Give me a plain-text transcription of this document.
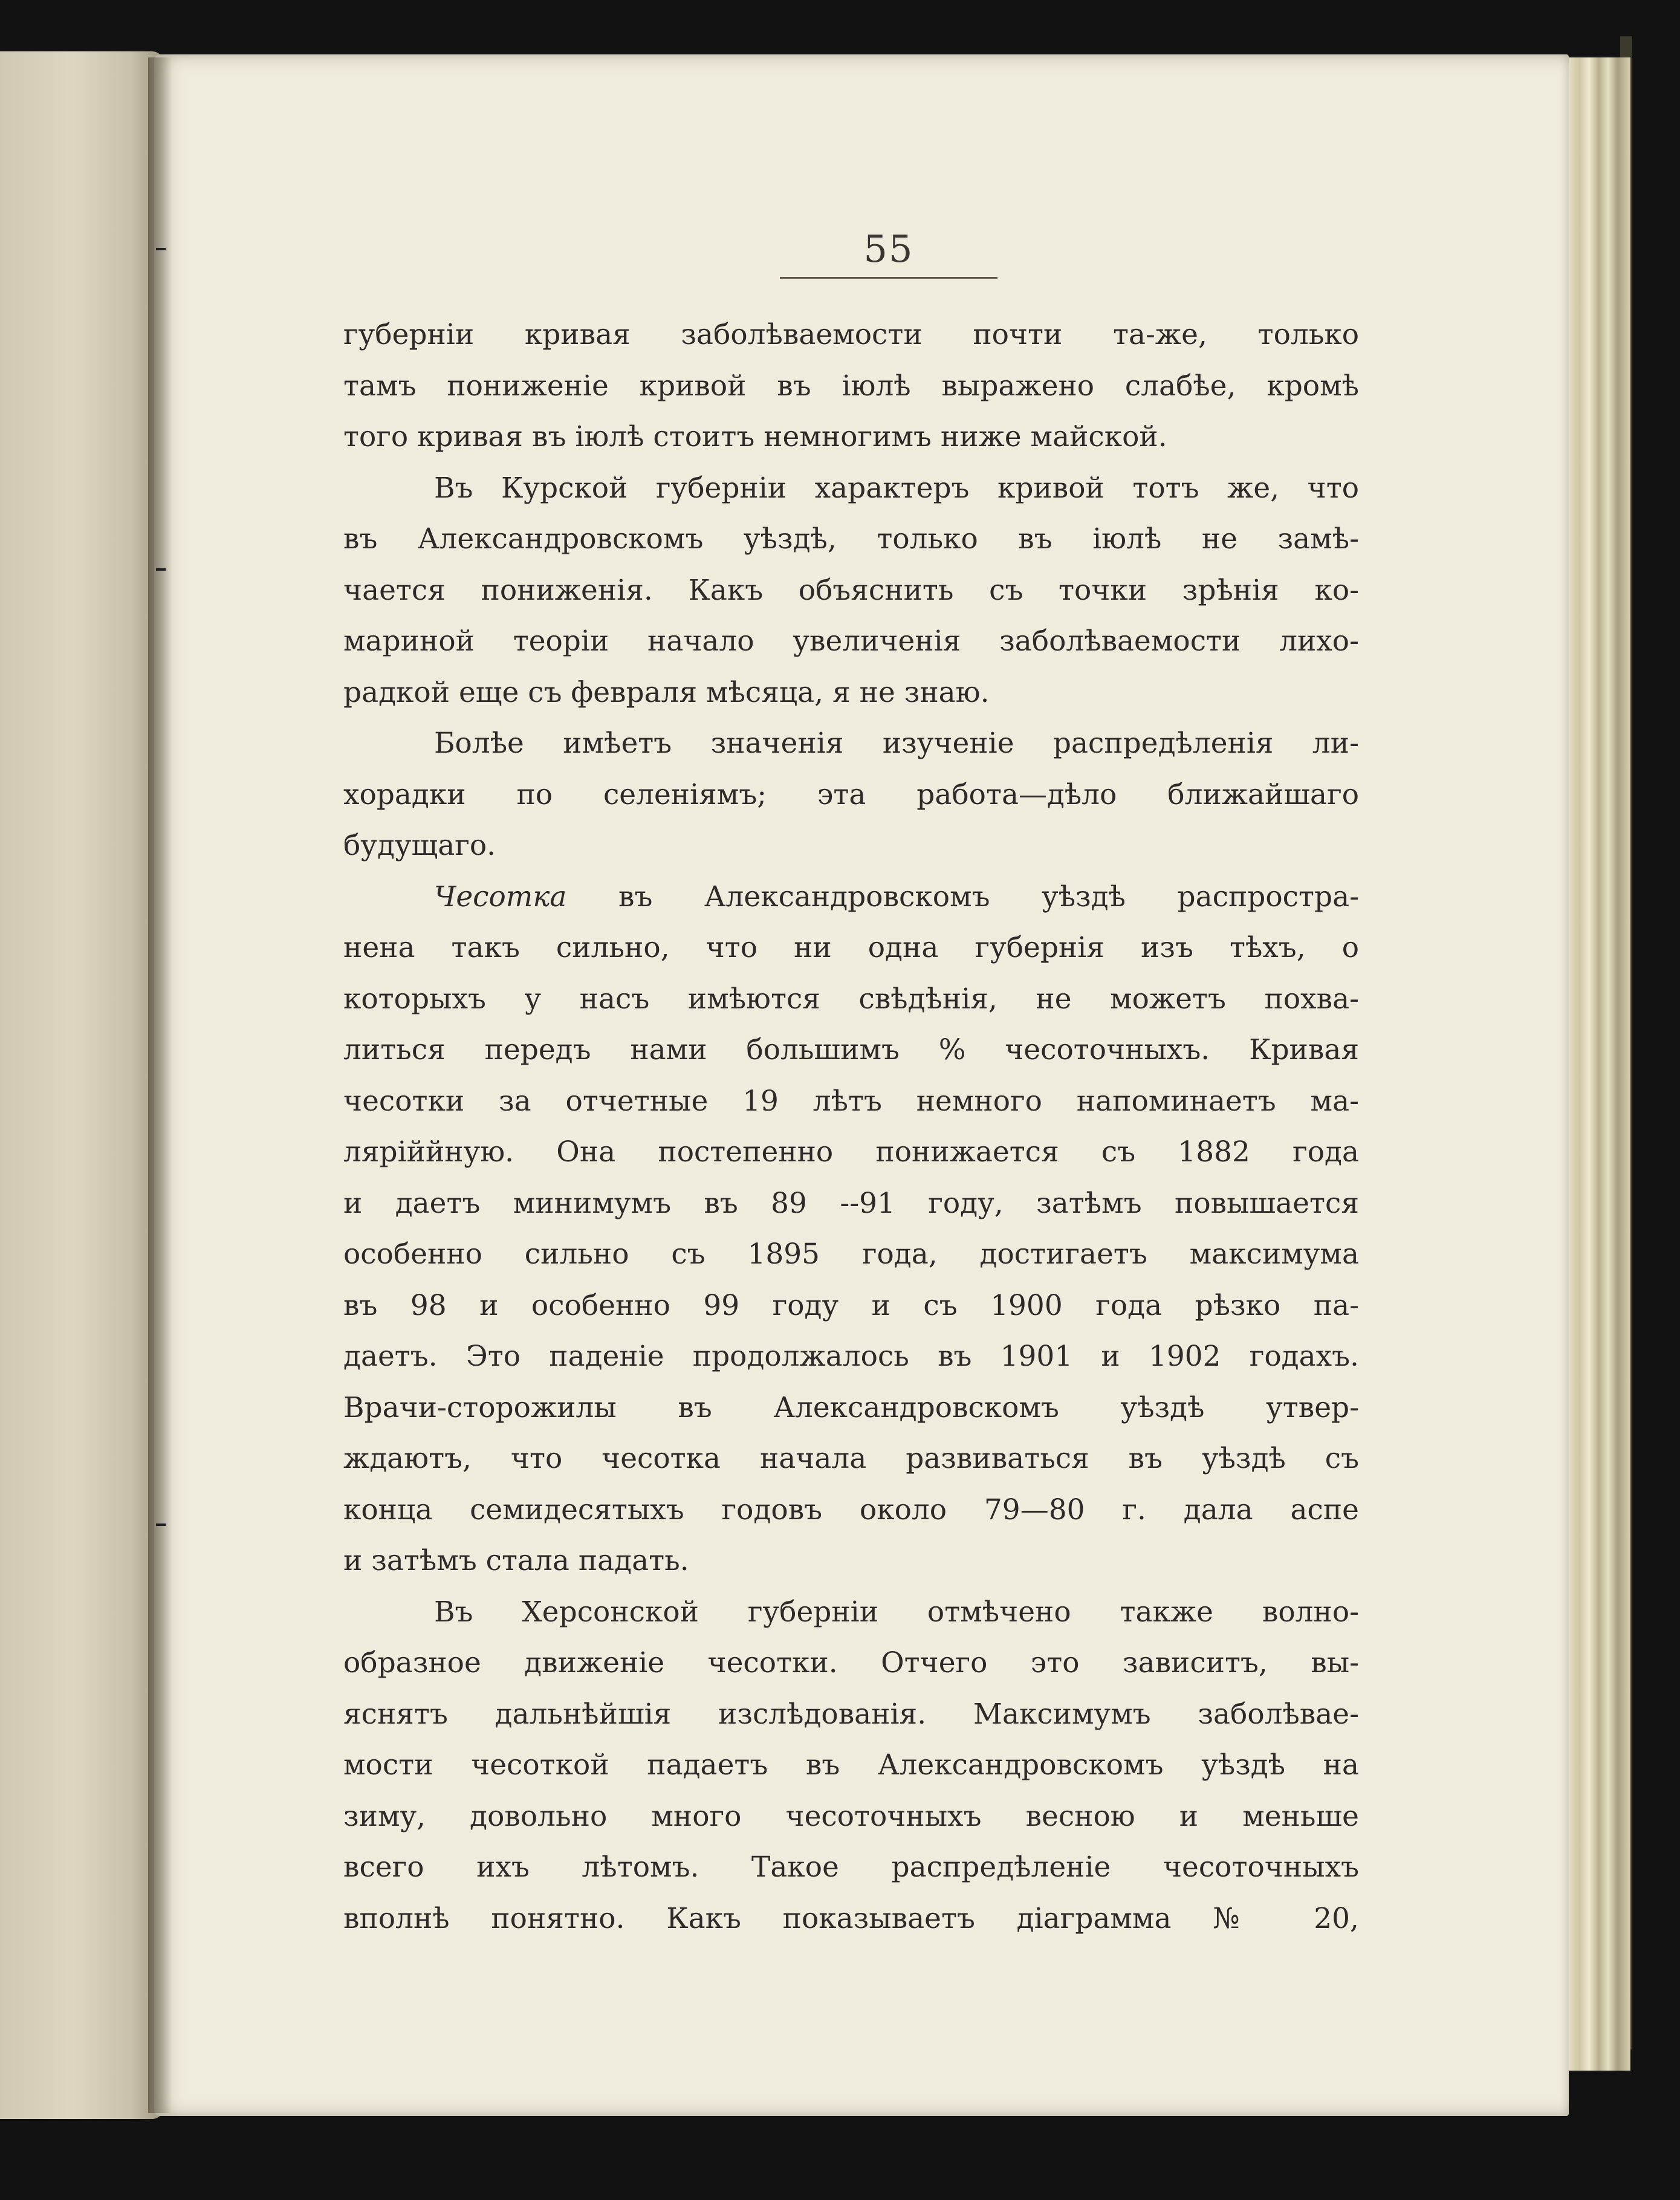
55
губерніи кривая заболѣваемости почти та-же, только
тамъ пониженіе кривой въ іюлѣ выражено слабѣе, кромѣ
того кривая въ іюлѣ стоитъ немногимъ ниже майской.
Въ Курской губерніи характеръ кривой тотъ же, что
въ Александровскомъ уѣздѣ, только въ іюлѣ не замѣ-
чается пониженія. Какъ объяснить съ точки зрѣнія ко-
мариной теоріи начало увеличенія заболѣваемости лихо-
радкой еще съ февраля мѣсяца, я не знаю.
Болѣе имѣетъ значенія изученіе распредѣленія ли-
хорадки по селеніямъ; эта работа—дѣло ближайшаго
будущаго.
Чесотка въ Александровскомъ уѣздѣ распростра-
нена такъ сильно, что ни одна губернія изъ тѣхъ, о
которыхъ у насъ имѣются свѣдѣнія, не можетъ похва-
литься передъ нами большимъ % чесоточныхъ. Кривая
чесотки за отчетные 19 лѣтъ немного напоминаетъ ма-
ляріййную. Она постепенно понижается съ 1882 года
и даетъ минимумъ въ 89 --91 году, затѣмъ повышается
особенно сильно съ 1895 года, достигаетъ максимума
въ 98 и особенно 99 году и съ 1900 года рѣзко па-
даетъ. Это паденіе продолжалось въ 1901 и 1902 годахъ.
Врачи-сторожилы въ Александровскомъ уѣздѣ утвер-
ждаютъ, что чесотка начала развиваться въ уѣздѣ съ
конца семидесятыхъ годовъ около 79—80 г. дала аспе
и затѣмъ стала падать.
Въ Херсонской губерніи отмѣчено также волно-
образное движеніе чесотки. Отчего это зависитъ, вы-
яснятъ дальнѣйшія изслѣдованія. Максимумъ заболѣвае-
мости чесоткой падаетъ въ Александровскомъ уѣздѣ на
зиму, довольно много чесоточныхъ весною и меньше
всего ихъ лѣтомъ. Такое распредѣленіе чесоточныхъ
вполнѣ понятно. Какъ показываетъ діаграмма № 20,
